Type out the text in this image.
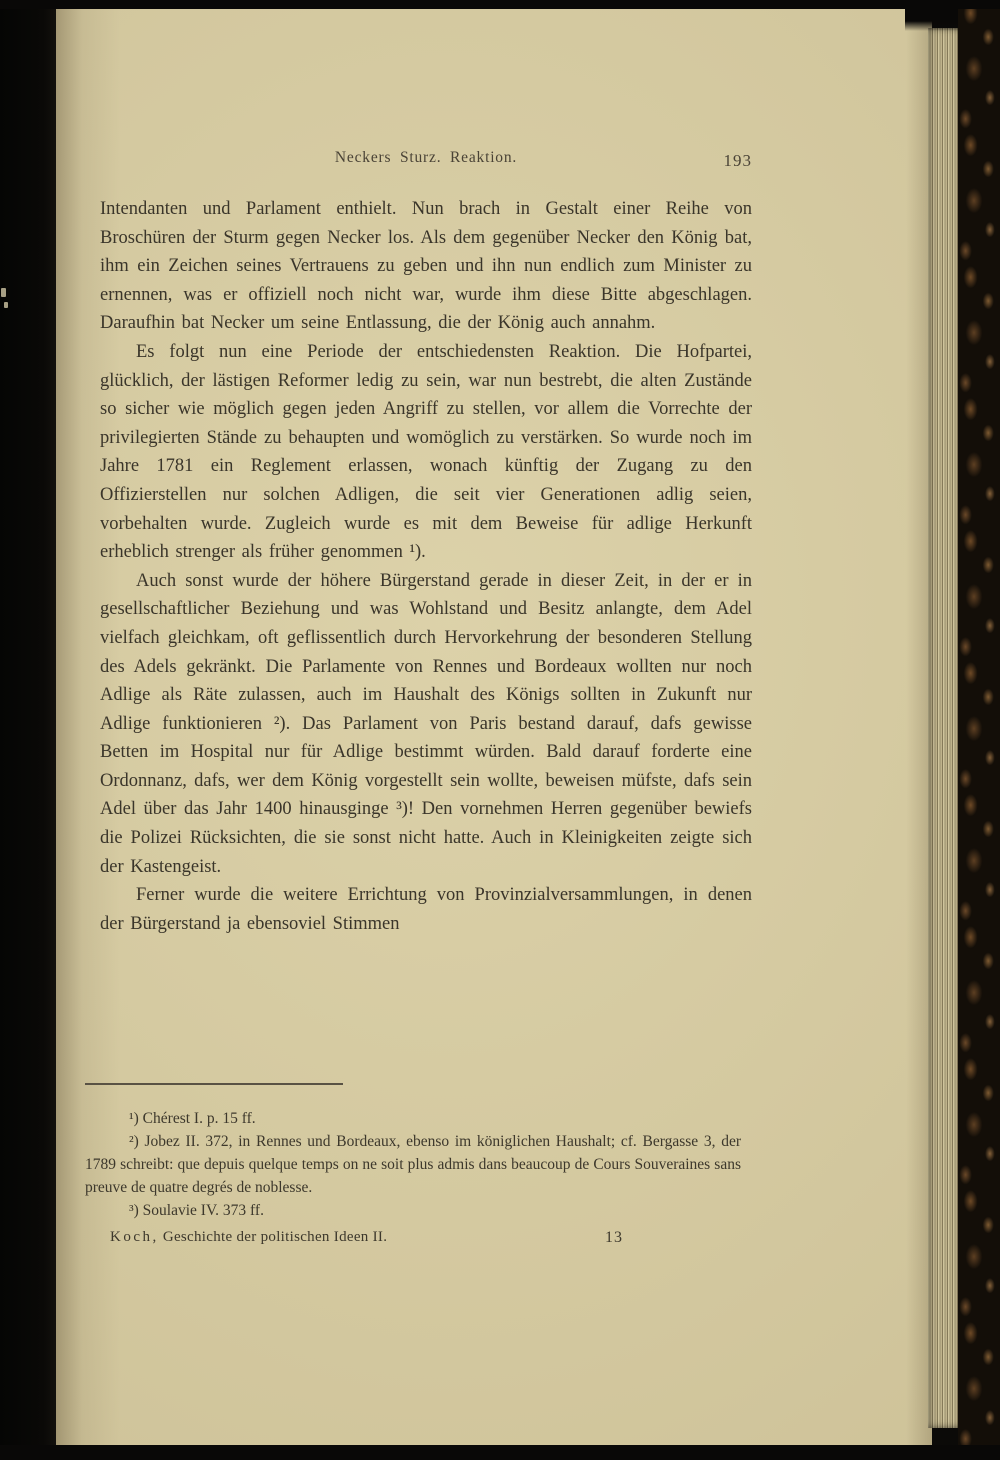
Neckers Sturz. Reaktion.	193

Intendanten und Parlament enthielt. Nun brach in Gestalt einer Reihe von Broschüren der Sturm gegen Necker los. Als dem gegenüber Necker den König bat, ihm ein Zeichen seines Vertrauens zu geben und ihn nun endlich zum Minister zu ernennen, was er offiziell noch nicht war, wurde ihm diese Bitte abgeschlagen. Daraufhin bat Necker um seine Entlassung, die der König auch annahm.

Es folgt nun eine Periode der entschiedensten Reaktion. Die Hofpartei, glücklich, der lästigen Reformer ledig zu sein, war nun bestrebt, die alten Zustände so sicher wie möglich gegen jeden Angriff zu stellen, vor allem die Vorrechte der privilegierten Stände zu behaupten und womöglich zu verstärken. So wurde noch im Jahre 1781 ein Reglement erlassen, wonach künftig der Zugang zu den Offizierstellen nur solchen Adligen, die seit vier Generationen adlig seien, vorbehalten wurde. Zugleich wurde es mit dem Beweise für adlige Herkunft erheblich strenger als früher genommen ¹).

Auch sonst wurde der höhere Bürgerstand gerade in dieser Zeit, in der er in gesellschaftlicher Beziehung und was Wohlstand und Besitz anlangte, dem Adel vielfach gleichkam, oft geflissentlich durch Hervorkehrung der besonderen Stellung des Adels gekränkt. Die Parlamente von Rennes und Bordeaux wollten nur noch Adlige als Räte zulassen, auch im Haushalt des Königs sollten in Zukunft nur Adlige funktionieren ²). Das Parlament von Paris bestand darauf, dafs gewisse Betten im Hospital nur für Adlige bestimmt würden. Bald darauf forderte eine Ordonnanz, dafs, wer dem König vorgestellt sein wollte, beweisen müfste, dafs sein Adel über das Jahr 1400 hinausginge ³)! Den vornehmen Herren gegenüber bewiefs die Polizei Rücksichten, die sie sonst nicht hatte. Auch in Kleinigkeiten zeigte sich der Kastengeist.

Ferner wurde die weitere Errichtung von Provinzialversammlungen, in denen der Bürgerstand ja ebensoviel Stimmen

¹) Chérest I. p. 15 ff.

²) Jobez II. 372, in Rennes und Bordeaux, ebenso im königlichen Haushalt; cf. Bergasse 3, der 1789 schreibt: que depuis quelque temps on ne soit plus admis dans beaucoup de Cours Souveraines sans preuve de quatre degrés de noblesse.

³) Soulavie IV. 373 ff.

Koch, Geschichte der politischen Ideen II.	13
